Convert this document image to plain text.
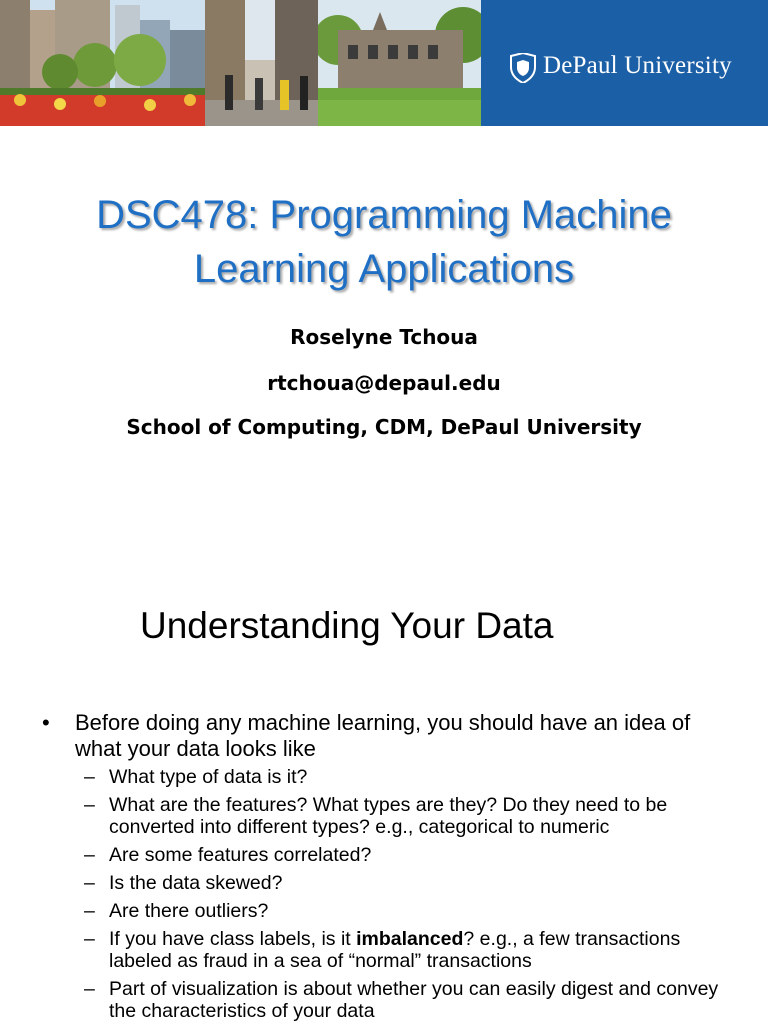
DePaul University
DSC478: Programming Machine
Learning Applications
Roselyne Tchoua
rtchoua@depaul.edu
School of Computing, CDM, DePaul University
Understanding Your Data
• Before doing any machine learning, you should have an idea of what your data looks like
– What type of data is it?
– What are the features? What types are they? Do they need to be converted into different types? e.g., categorical to numeric
– Are some features correlated?
– Is the data skewed?
– Are there outliers?
– If you have class labels, is it imbalanced? e.g., a few transactions labeled as fraud in a sea of “normal” transactions
– Part of visualization is about whether you can easily digest and convey the characteristics of your data
